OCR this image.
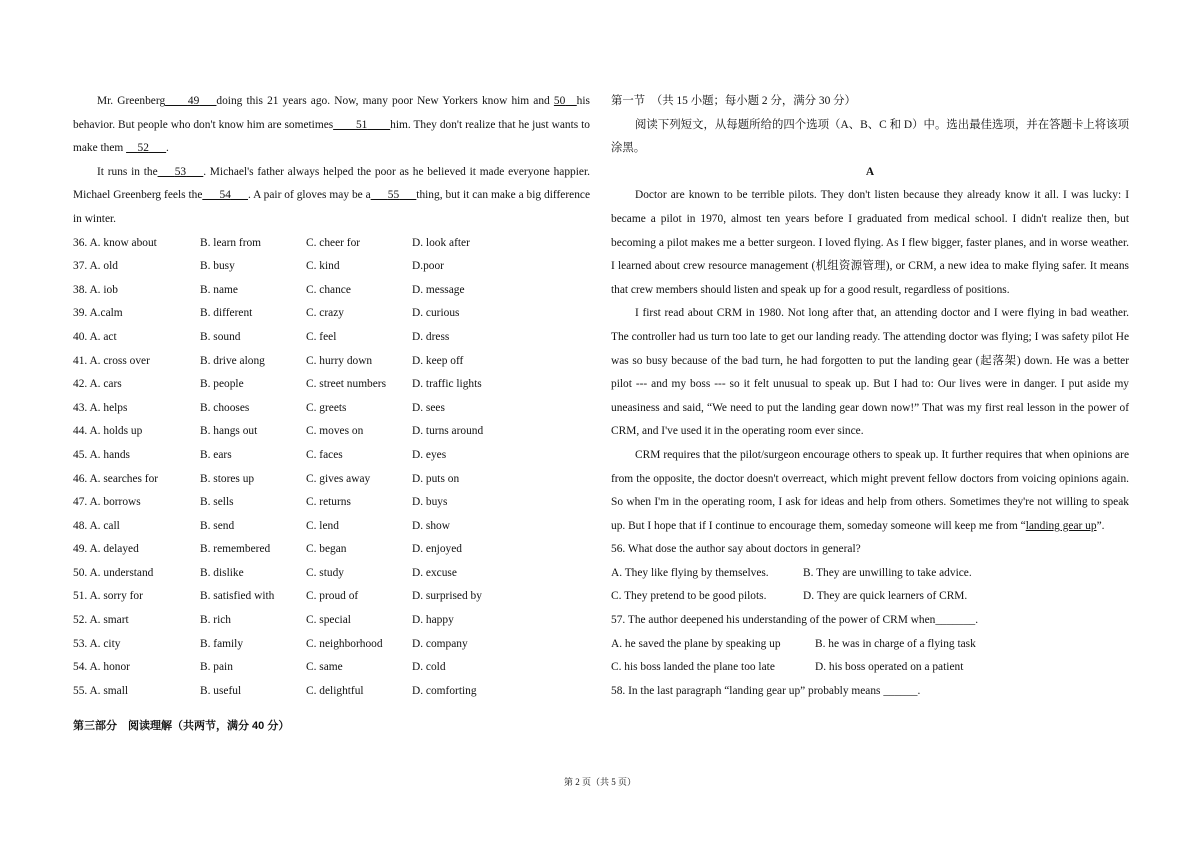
Mr. Greenberg____49___doing this 21 years ago. Now, many poor New Yorkers know him and 50__his behavior. But people who don't know him are sometimes____51____him. They don't realize that he just wants to make them __52___.

It runs in the___53___. Michael's father always helped the poor as he believed it made everyone happier. Michael Greenberg feels the___54___. A pair of gloves may be a___55___thing, but it can make a big difference in winter.

36. A. know about	B. learn from	C. cheer for	D. look after
37. A. old	B. busy	C. kind	D.poor
38. A. iob	B. name	C. chance	D. message
39. A.calm	B. different	C. crazy	D. curious
40. A. act	B. sound	C. feel	D. dress
41. A. cross over	B. drive along	C. hurry down	D. keep off
42. A. cars	B. people	C. street numbers	D. traffic lights
43. A. helps	B. chooses	C. greets	D. sees
44. A. holds up	B. hangs out	C. moves on	D. turns around
45. A. hands	B. ears	C. faces	D. eyes
46. A. searches for	B. stores up	C. gives away	D. puts on
47. A. borrows	B. sells	C. returns	D. buys
48. A. call	B. send	C. lend	D. show
49. A. delayed	B. remembered	C. began	D. enjoyed
50. A. understand	B. dislike	C. study	D. excuse
51. A. sorry for	B. satisfied with	C. proud of	D. surprised by
52. A. smart	B. rich	C. special	D. happy
53. A. city	B. family	C. neighborhood	D. company
54. A. honor	B. pain	C. same	D. cold
55. A. small	B. useful	C. delightful	D. comforting
第三部分　阅读理解（共两节，满分 40 分）

第一节　（共 15 小题；每小题 2 分，满分 30 分）

阅读下列短文，从每题所给的四个选项（A、B、C 和 D）中。选出最佳选项，并在答题卡上将该项涂黑。

A

Doctor are known to be terrible pilots. They don't listen because they already know it all. I was lucky: I became a pilot in 1970, almost ten years before I graduated from medical school. I didn't realize then, but becoming a pilot makes me a better surgeon. I loved flying. As I flew bigger, faster planes, and in worse weather. I learned about crew resource management (机组资源管理), or CRM, a new idea to make flying safer. It means that crew members should listen and speak up for a good result, regardless of positions.

I first read about CRM in 1980. Not long after that, an attending doctor and I were flying in bad weather. The controller had us turn too late to get our landing ready. The attending doctor was flying; I was safety pilot He was so busy because of the bad turn, he had forgotten to put the landing gear (起落架) down. He was a better pilot --- and my boss --- so it felt unusual to speak up. But I had to: Our lives were in danger. I put aside my uneasiness and said, “We need to put the landing gear down now!” That was my first real lesson in the power of CRM, and I've used it in the operating room ever since.

CRM requires that the pilot/surgeon encourage others to speak up. It further requires that when opinions are from the opposite, the doctor doesn't overreact, which might prevent fellow doctors from voicing opinions again. So when I'm in the operating room, I ask for ideas and help from others. Sometimes they're not willing to speak up. But I hope that if I continue to encourage them, someday someone will keep me from “landing gear up”.

56. What dose the author say about doctors in general?

A. They like flying by themselves.	B. They are unwilling to take advice.
C. They pretend to be good pilots.	D. They are quick learners of CRM.

57. The author deepened his understanding of the power of CRM when_______.

A. he saved the plane by speaking up	B. he was in charge of a flying task
C. his boss landed the plane too late	D. his boss operated on a patient

58. In the last paragraph “landing gear up” probably means ______.

第 2 页（共 5 页）
